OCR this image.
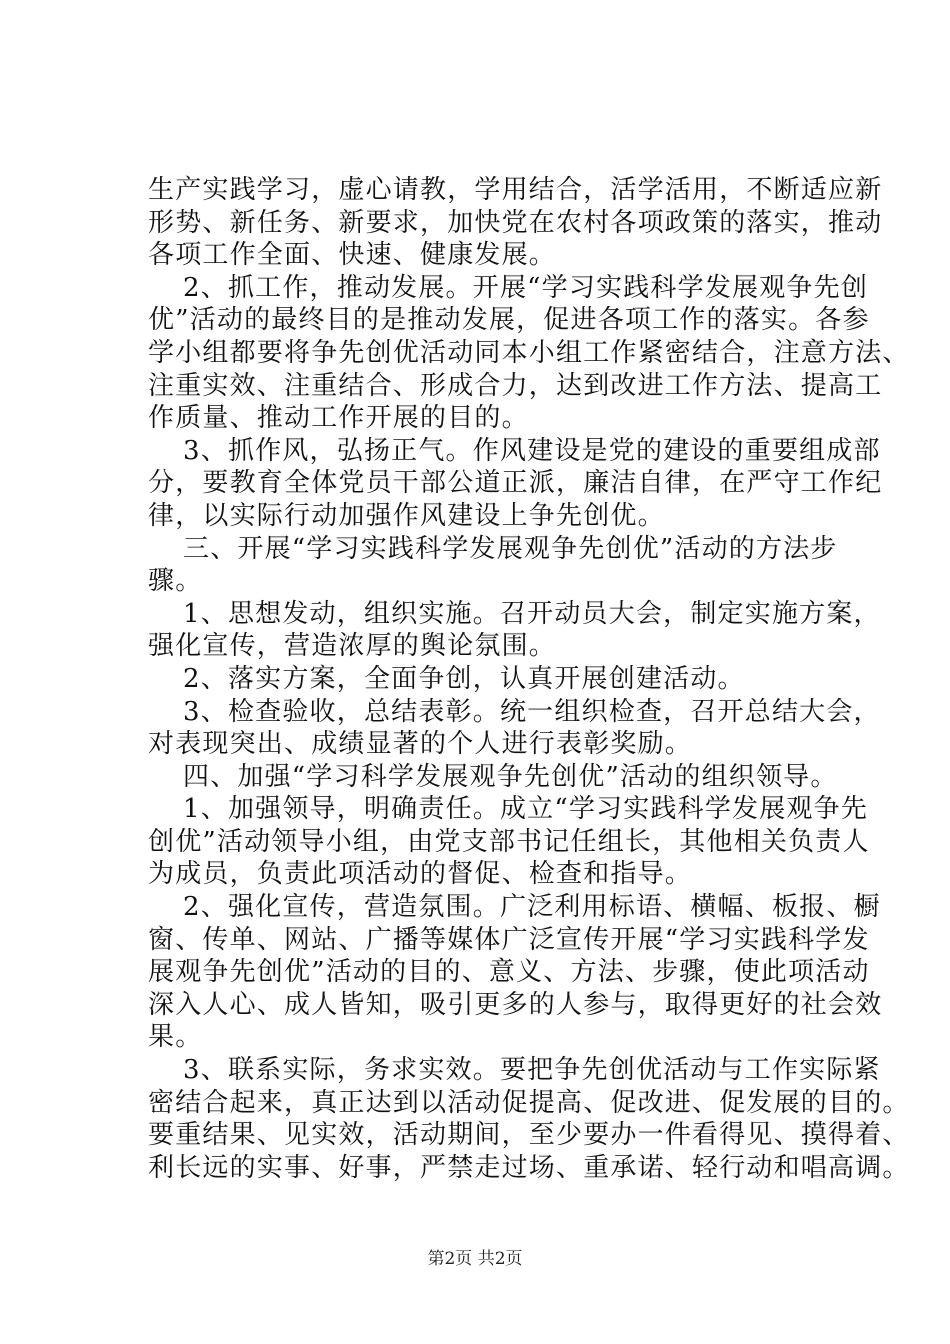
生产实践学习，虚心请教，学用结合，活学活用，不断适应新
形势、新任务、新要求，加快党在农村各项政策的落实，推动
各项工作全面、快速、健康发展。
2、抓工作，推动发展。开展“学习实践科学发展观争先创
优”活动的最终目的是推动发展，促进各项工作的落实。各参
学小组都要将争先创优活动同本小组工作紧密结合，注意方法、
注重实效、注重结合、形成合力，达到改进工作方法、提高工
作质量、推动工作开展的目的。
3、抓作风，弘扬正气。作风建设是党的建设的重要组成部
分，要教育全体党员干部公道正派，廉洁自律，在严守工作纪
律，以实际行动加强作风建设上争先创优。
三、开展“学习实践科学发展观争先创优”活动的方法步
骤。
1、思想发动，组织实施。召开动员大会，制定实施方案，
强化宣传，营造浓厚的舆论氛围。
2、落实方案，全面争创，认真开展创建活动。
3、检查验收，总结表彰。统一组织检查，召开总结大会，
对表现突出、成绩显著的个人进行表彰奖励。
四、加强“学习科学发展观争先创优”活动的组织领导。
1、加强领导，明确责任。成立“学习实践科学发展观争先
创优”活动领导小组，由党支部书记任组长，其他相关负责人
为成员，负责此项活动的督促、检查和指导。
2、强化宣传，营造氛围。广泛利用标语、横幅、板报、橱
窗、传单、网站、广播等媒体广泛宣传开展“学习实践科学发
展观争先创优”活动的目的、意义、方法、步骤，使此项活动
深入人心、成人皆知，吸引更多的人参与，取得更好的社会效
果。
3、联系实际，务求实效。要把争先创优活动与工作实际紧
密结合起来，真正达到以活动促提高、促改进、促发展的目的。
要重结果、见实效，活动期间，至少要办一件看得见、摸得着、
利长远的实事、好事，严禁走过场、重承诺、轻行动和唱高调。
第2页 共2页
